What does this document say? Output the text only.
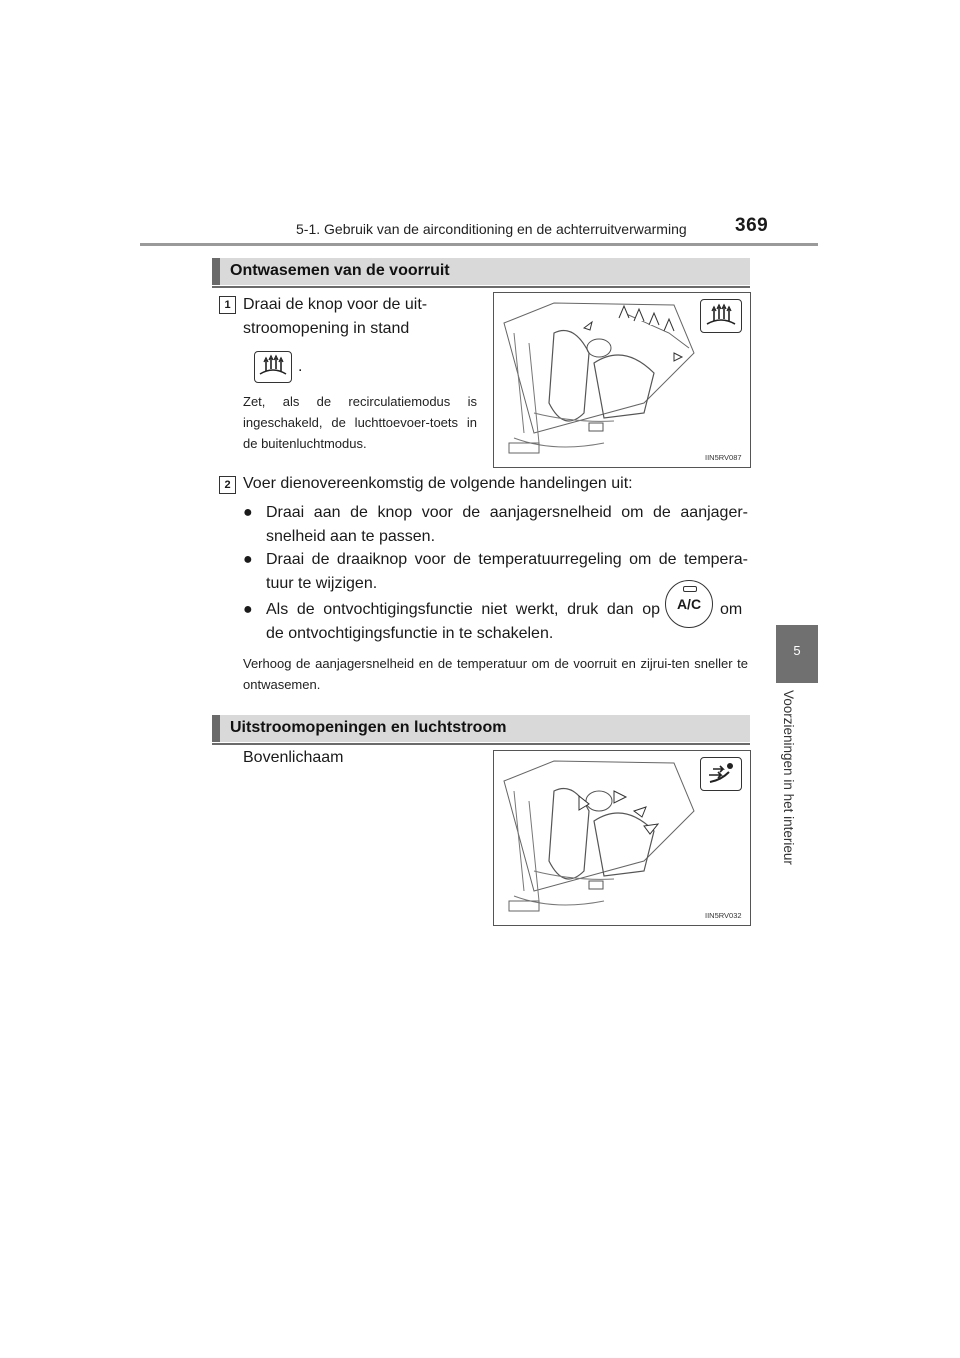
5-1. Gebruik van de airconditioning en de achterruitverwarming	369
5
Voorzieningen in het interieur
Ontwasemen van de voorruit
1 Draai de knop voor de uit-
stroomopening in stand
.
Zet, als de recirculatiemodus is ingeschakeld, de luchttoevoer-toets in de buitenluchtmodus.
IIN5RV087
2 Voer dienovereenkomstig de volgende handelingen uit:
● Draai aan de knop voor de aanjagersnelheid om de aanjager-snelheid aan te passen.
● Draai de draaiknop voor de temperatuurregeling om de tempera-tuur te wijzigen.
● Als de ontvochtigingsfunctie niet werkt, druk dan op	A/C	om
de ontvochtigingsfunctie in te schakelen.
Verhoog de aanjagersnelheid en de temperatuur om de voorruit en zijrui-ten sneller te ontwasemen.
Uitstroomopeningen en luchtstroom
Bovenlichaam
IIN5RV032
